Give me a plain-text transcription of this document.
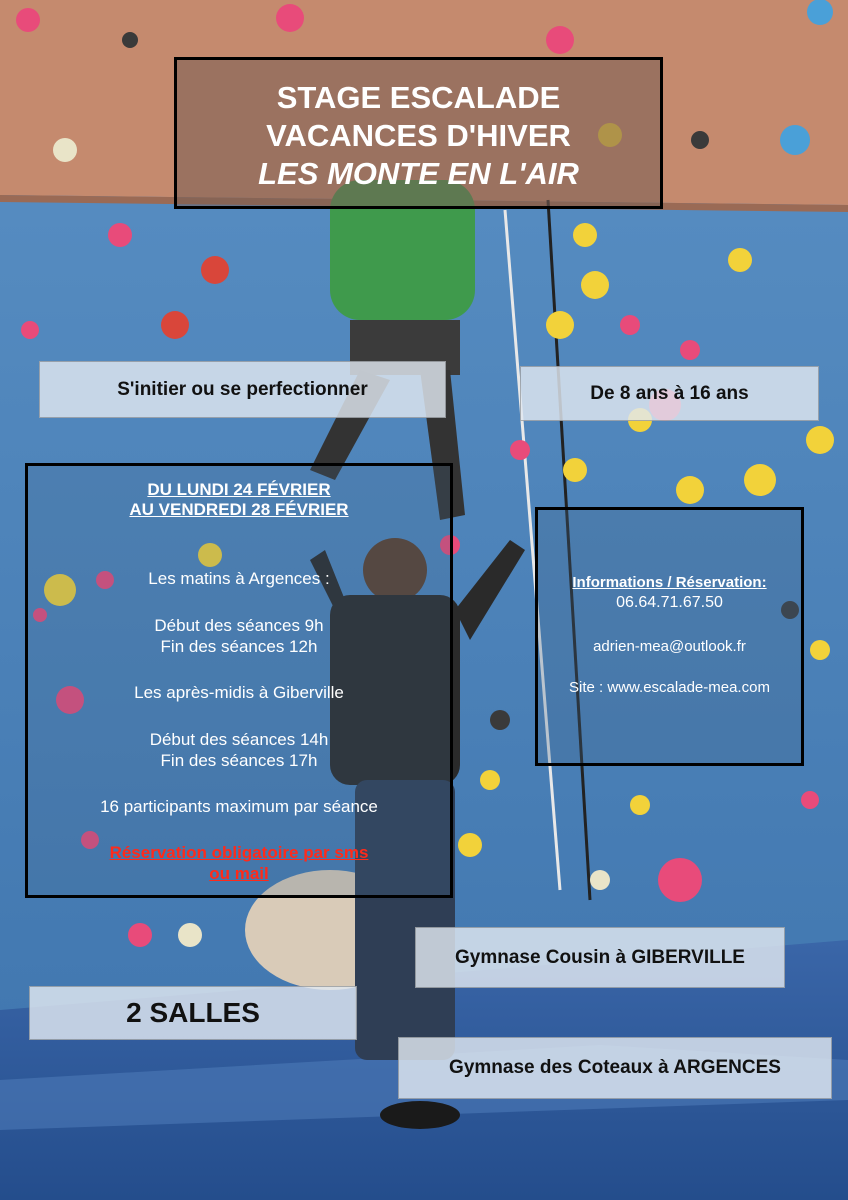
STAGE ESCALADE
VACANCES D'HIVER
LES MONTE EN L'AIR
S'initier ou se perfectionner	De 8 ans à 16 ans
DU LUNDI 24 FÉVRIER
AU VENDREDI 28 FÉVRIER

Les matins à Argences :

Début des séances 9h

Fin des séances 12h

Les après-midis à Giberville

Début des séances 14h

Fin des séances 17h

16 participants maximum par séance

Réservation obligatoire par sms

ou mail

Informations / Réservation:
06.64.71.67.50
adrien-mea@outlook.fr
Site : www.escalade-mea.com
Gymnase Cousin à GIBERVILLE
2 SALLES
Gymnase des Coteaux à ARGENCES
